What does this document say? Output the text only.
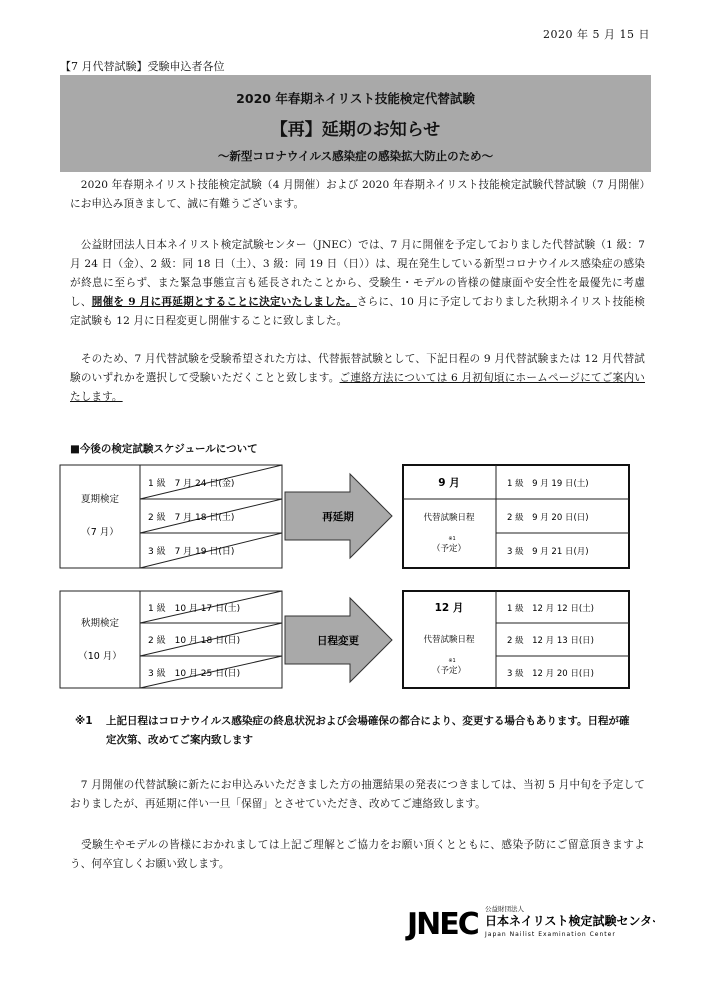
2020 年 5 月 15 日
【7 月代替試験】受験申込者各位
2020 年春期ネイリスト技能検定代替試験
【再】延期のお知らせ
～新型コロナウイルス感染症の感染拡大防止のため～
　2020 年春期ネイリスト技能検定試験（4 月開催）および 2020 年春期ネイリスト技能検定試験代替試験（7 月開催）にお申込み頂きまして、誠に有難うございます。
　公益財団法人日本ネイリスト検定試験センター（JNEC）では、7 月に開催を予定しておりました代替試験（1 級：7 月 24 日（金）、2 級：同 18 日（土）、3 級：同 19 日（日））は、現在発生している新型コロナウイルス感染症の感染が終息に至らず、また緊急事態宣言も延長されたことから、受験生・モデルの皆様の健康面や安全性を最優先に考慮し、開催を 9 月に再延期とすることに決定いたしました。さらに、10 月に予定しておりました秋期ネイリスト技能検定試験も 12 月に日程変更し開催することに致しました。
　そのため、7 月代替試験を受験希望された方は、代替振替試験として、下記日程の 9 月代替試験または 12 月代替試験のいずれかを選択して受験いただくことと致します。ご連絡方法については 6 月初旬頃にホームページにてご案内いたします。
■今後の検定試験スケジュールについて
夏期検定
（7 月）
1 級　7 月 24 日(金)
2 級　7 月 18 日(土)
3 級　7 月 19 日(日)
再延期
9 月
代替試験日程
※1
（予定）
1 級　9 月 19 日(土)
2 級　9 月 20 日(日)
3 級　9 月 21 日(月)
秋期検定
（10 月）
1 級　10 月 17 日(土)
2 級　10 月 18 日(日)
3 級　10 月 25 日(日)
日程変更
12 月
代替試験日程
※1
（予定）
1 級　12 月 12 日(土)
2 級　12 月 13 日(日)
3 級　12 月 20 日(日)
※1 上記日程はコロナウイルス感染症の終息状況および会場確保の都合により、変更する場合もあります。日程が確定次第、改めてご案内致します
　7 月開催の代替試験に新たにお申込みいただきました方の抽選結果の発表につきましては、当初 5 月中旬を予定しておりましたが、再延期に伴い一旦「保留」とさせていただき、改めてご連絡致します。
　受験生やモデルの皆様におかれましては上記ご理解とご協力をお願い頂くとともに、感染予防にご留意頂きますよう、何卒宜しくお願い致します。
JNEC 公益財団法人
日本ネイリスト検定試験センター
Japan Nailist Examination Center
